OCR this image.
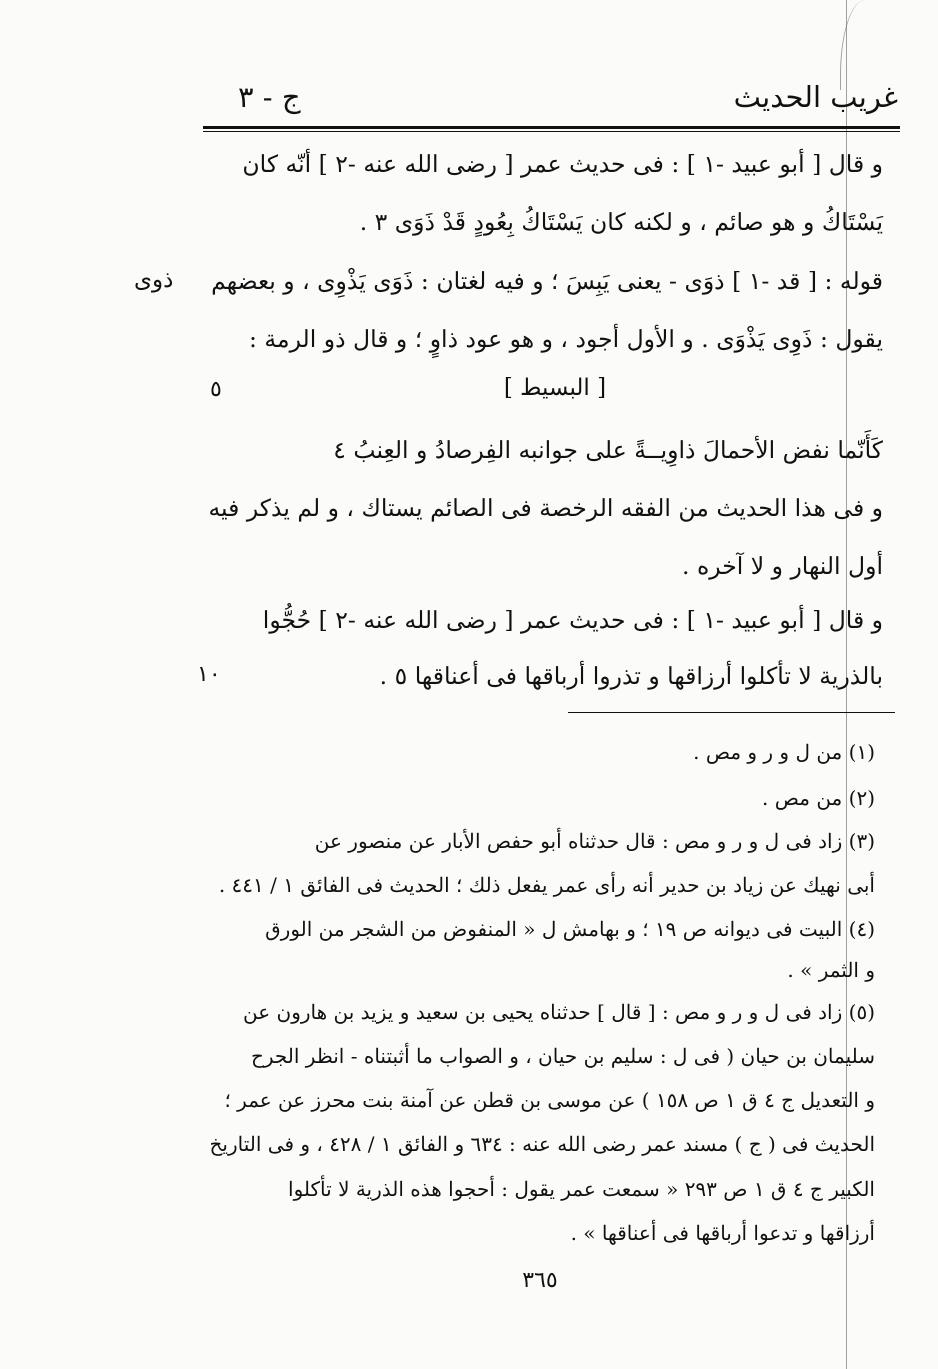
غريب الحديث
ج - ٣
و قال [ أبو عبيد -١ ] : فى حديث عمر [ رضى الله عنه -٢ ] أنّه كان
يَسْتَاكُ و هو صائم ، و لكنه كان يَسْتَاكُ بِعُودٍ قَدْ ذَوَى ٣ .
ذوى قوله : [ قد -١ ] ذوَى - يعنى يَبِسَ ؛ و فيه لغتان : ذَوَى يَذْوِى ، و بعضهم
يقول : ذَوِى يَذْوَى . و الأول أجود ، و هو عود ذاوٍ ؛ و قال ذو الرمة :
٥	[ البسيط ]
كَأَنّما نفض الأحمالَ ذاوِيــةً على جوانبه الفِرصادُ و العِنبُ ٤
و فى هذا الحديث من الفقه الرخصة فى الصائم يستاك ، و لم يذكر فيه
أول النهار و لا آخره .
و قال [ أبو عبيد -١ ] : فى حديث عمر [ رضى الله عنه -٢ ] حُجُّوا
١٠	بالذرية لا تأكلوا أرزاقها و تذروا أرباقها فى أعناقها ٥ .
(١) من ل و ر و مص .
(٢) من مص .
(٣) زاد فى ل و ر و مص : قال حدثناه أبو حفص الأبار عن منصور عن
أبى نهيك عن زياد بن حدير أنه رأى عمر يفعل ذلك ؛ الحديث فى الفائق ١ / ٤٤١ .
(٤) البيت فى ديوانه ص ١٩ ؛ و بهامش ل « المنفوض من الشجر من الورق
و الثمر » .
(٥) زاد فى ل و ر و مص : [ قال ] حدثناه يحيى بن سعيد و يزيد بن هارون عن
سليمان بن حيان ( فى ل : سليم بن حيان ، و الصواب ما أثبتناه - انظر الجرح
و التعديل ج ٤ ق ١ ص ١٥٨ ) عن موسى بن قطن عن آمنة بنت محرز عن عمر ؛
الحديث فى ( ج ) مسند عمر رضى الله عنه : ٦٣٤ و الفائق ١ / ٤٢٨ ، و فى التاريخ
الكبير ج ٤ ق ١ ص ٢٩٣ « سمعت عمر يقول : أحجوا هذه الذرية لا تأكلوا
أرزاقها و تدعوا أرباقها فى أعناقها » .
٣٦٥
